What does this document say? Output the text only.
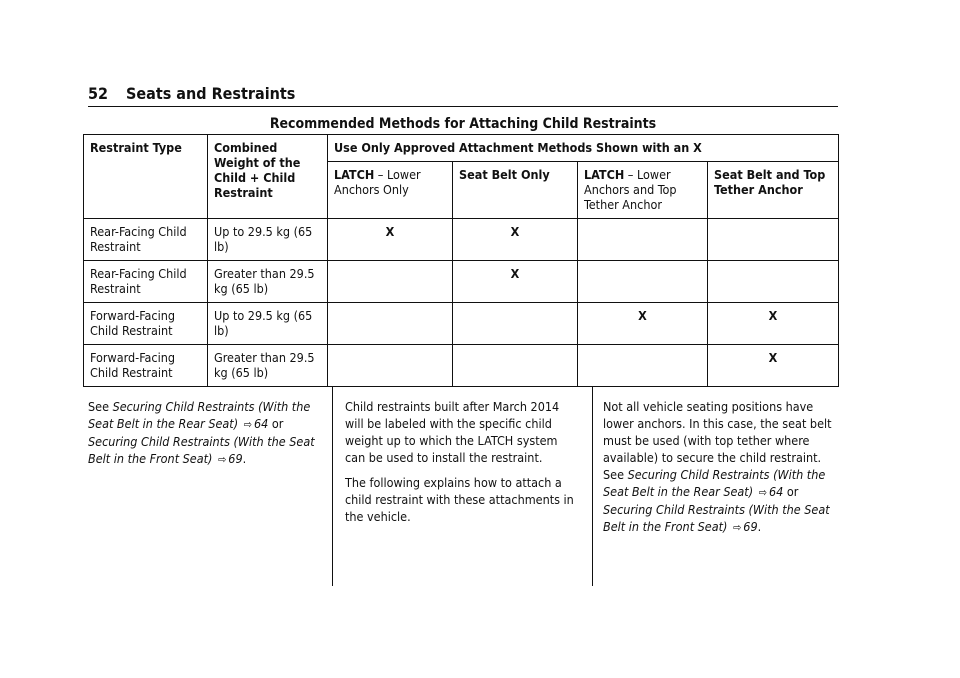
52 Seats and Restraints
Recommended Methods for Attaching Child Restraints
Restraint Type	Combined Weight of the Child + Child Restraint	Use Only Approved Attachment Methods Shown with an X			
		LATCH – Lower Anchors Only	Seat Belt Only	LATCH – Lower Anchors and Top Tether Anchor	Seat Belt and Top Tether Anchor
Rear-Facing Child Restraint	Up to 29.5 kg (65 lb)	X	X		
Rear-Facing Child Restraint	Greater than 29.5 kg (65 lb)		X		
Forward-Facing Child Restraint	Up to 29.5 kg (65 lb)			X	X
Forward-Facing Child Restraint	Greater than 29.5 kg (65 lb)				X

See Securing Child Restraints (With the Seat Belt in the Rear Seat) ⇨ 64 or
Securing Child Restraints (With the Seat Belt in the Front Seat) ⇨ 69.

Child restraints built after March 2014 will be labeled with the specific child weight up to which the LATCH system can be used to install the restraint.

The following explains how to attach a child restraint with these attachments in the vehicle.

Not all vehicle seating positions have lower anchors. In this case, the seat belt must be used (with top tether where available) to secure the child restraint. See Securing Child Restraints (With the Seat Belt in the Rear Seat) ⇨ 64 or
Securing Child Restraints (With the Seat Belt in the Front Seat) ⇨ 69.
